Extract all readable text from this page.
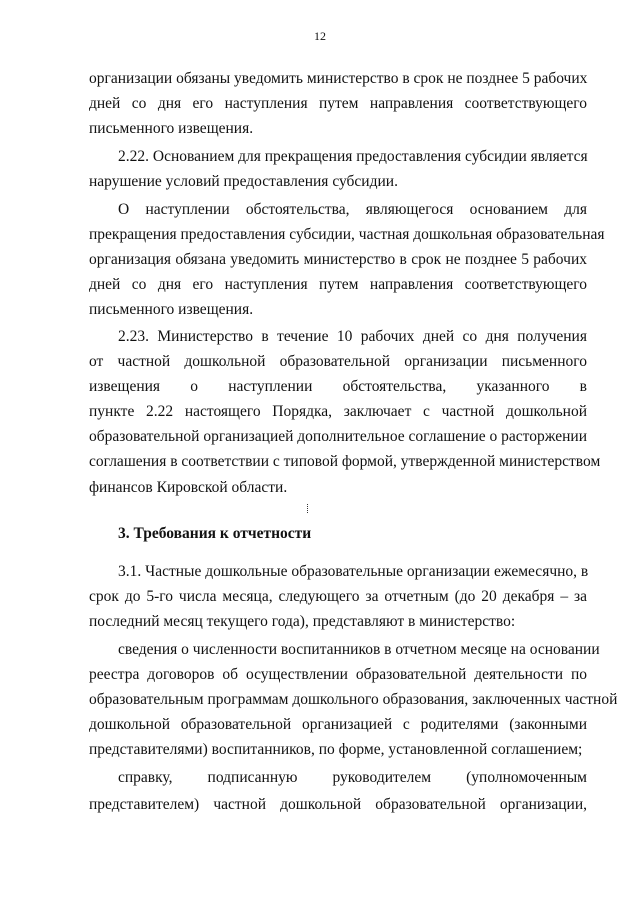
12
организации обязаны уведомить министерство в срок не позднее 5 рабочих
дней со дня его наступления путем направления соответствующего
письменного извещения.
2.22. Основанием для прекращения предоставления субсидии является
нарушение условий предоставления субсидии.
О наступлении обстоятельства, являющегося основанием для
прекращения предоставления субсидии, частная дошкольная образовательная
организация обязана уведомить министерство в срок не позднее 5 рабочих
дней со дня его наступления путем направления соответствующего
письменного извещения.
2.23. Министерство в течение 10 рабочих дней со дня получения
от частной дошкольной образовательной организации письменного
извещения о наступлении обстоятельства, указанного в
пункте 2.22 настоящего Порядка, заключает с частной дошкольной
образовательной организацией дополнительное соглашение о расторжении
соглашения в соответствии с типовой формой, утвержденной министерством
финансов Кировской области.
3. Требования к отчетности
3.1. Частные дошкольные образовательные организации ежемесячно, в
срок до 5-го числа месяца, следующего за отчетным (до 20 декабря – за
последний месяц текущего года), представляют в министерство:
сведения о численности воспитанников в отчетном месяце на основании
реестра договоров об осуществлении образовательной деятельности по
образовательным программам дошкольного образования, заключенных частной
дошкольной образовательной организацией с родителями (законными
представителями) воспитанников, по форме, установленной соглашением;
справку, подписанную руководителем (уполномоченным
представителем) частной дошкольной образовательной организации,
